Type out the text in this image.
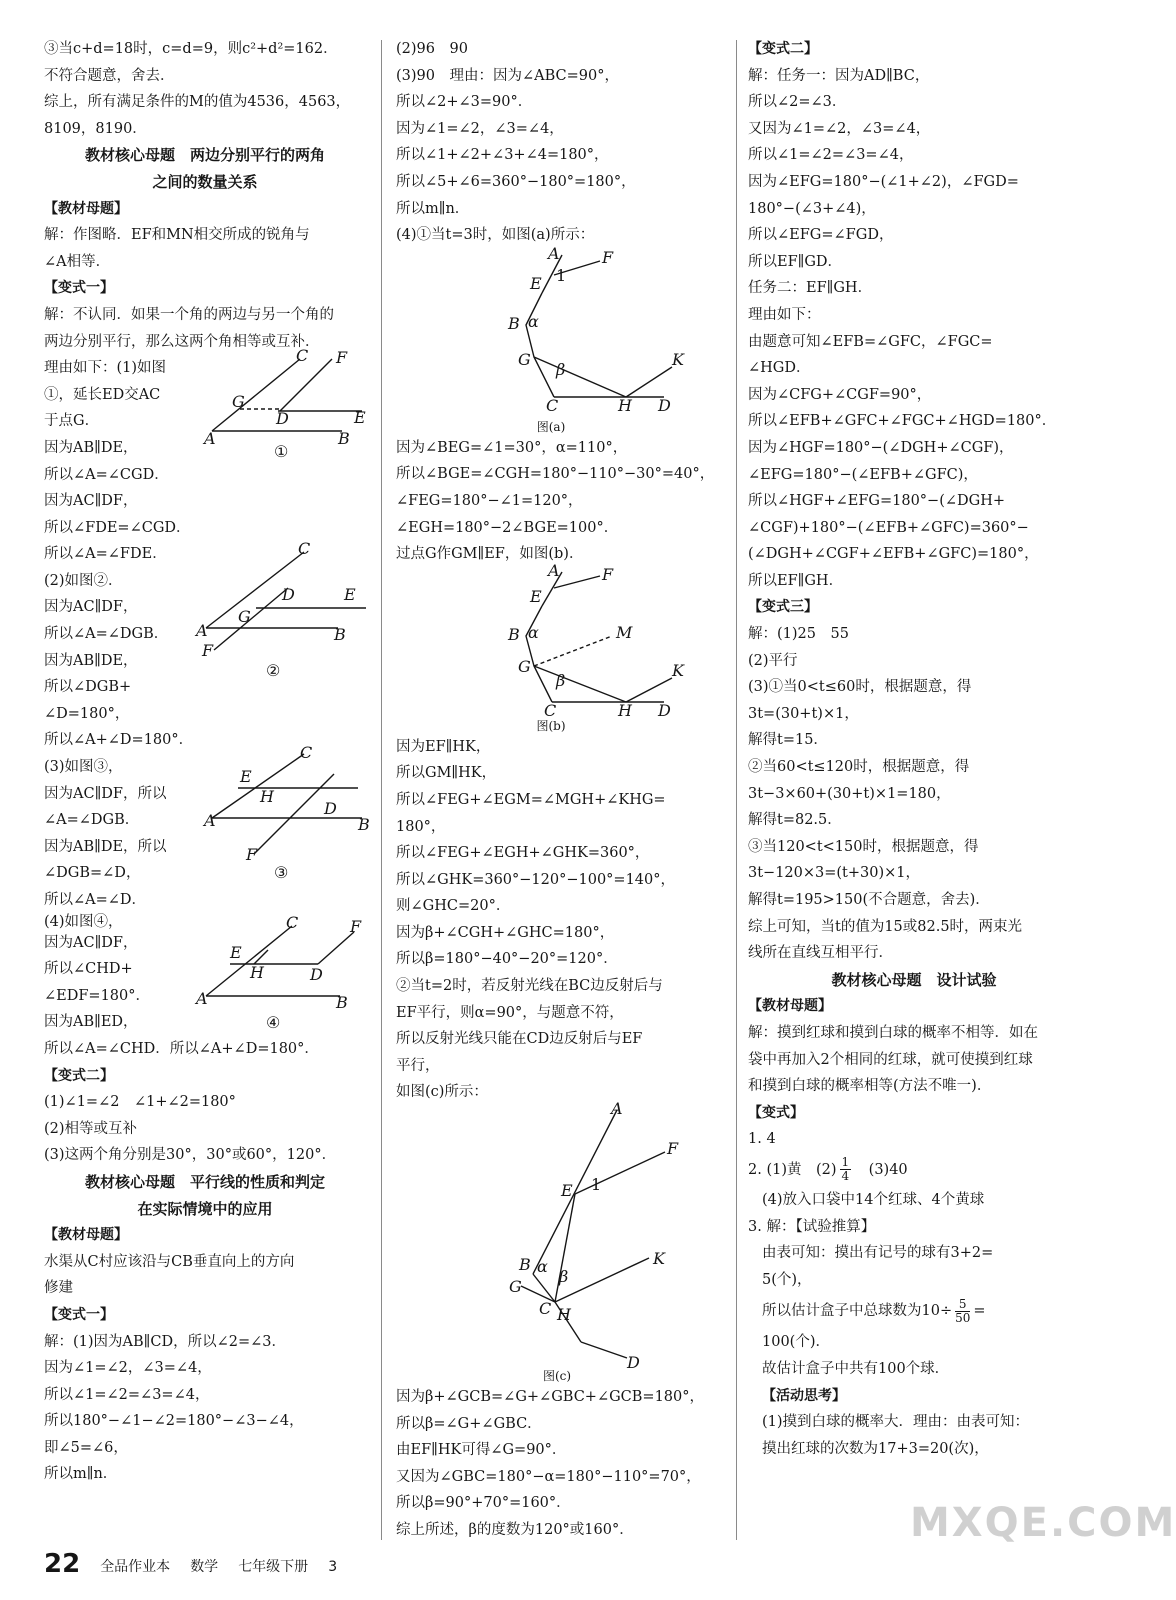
③当c+d=18时，c=d=9，则c²+d²=162．
不符合题意，舍去．
综上，所有满足条件的M的值为4536，4563，
8109，8190．
教材核心母题　两边分别平行的两角
之间的数量关系
【教材母题】
解：作图略．EF和MN相交所成的锐角与
∠A相等．
【变式一】
解：不认同．如果一个角的两边与另一个角的
两边分别平行，那么这两个角相等或互补．
理由如下：(1)如图
①，延长ED交AC
于点G．
因为AB∥DE，
所以∠A=∠CGD．
因为AC∥DF，
所以∠FDE=∠CGD．
所以∠A=∠FDE．
A	B
C F
G
D	E
①
(2)如图②．
因为AC∥DF，
所以∠A=∠DGB．
因为AB∥DE，
所以∠DGB+
∠D=180°，
所以∠A+∠D=180°．
A	B
C
D	E
G
F
②
(3)如图③，
因为AC∥DF，所以
∠A=∠DGB．
因为AB∥DE，所以
∠DGB=∠D，
所以∠A=∠D．
A	B
C
E
H
D
F
③
(4)如图④，
因为AC∥DF，
所以∠CHD+
∠EDF=180°．
因为AB∥ED，
A	B
C	F
E
H	D
④
所以∠A=∠CHD．所以∠A+∠D=180°．
【变式二】
(1)∠1=∠2　∠1+∠2=180°
(2)相等或互补
(3)这两个角分别是30°，30°或60°，120°．
教材核心母题　平行线的性质和判定
在实际情境中的应用
【教材母题】
水渠从C村应该沿与CB垂直向上的方向
修建
【变式一】
解：(1)因为AB∥CD，所以∠2=∠3．
因为∠1=∠2，∠3=∠4，
所以∠1=∠2=∠3=∠4，
所以180°−∠1−∠2=180°−∠3−∠4，
即∠5=∠6，
所以m∥n．
(2)96　90
(3)90　理由：因为∠ABC=90°，
所以∠2+∠3=90°．
因为∠1=∠2，∠3=∠4，
所以∠1+∠2+∠3+∠4=180°，
所以∠5+∠6=360°−180°=180°，
所以m∥n．
(4)①当t=3时，如图(a)所示：
A	F
E 1
B α
G
β
C	H D
K
图(a)
因为∠BEG=∠1=30°，α=110°，
所以∠BGE=∠CGH=180°−110°−30°=40°，
∠FEG=180°−∠1=120°，
∠EGH=180°−2∠BGE=100°．
过点G作GM∥EF，如图(b)．
A	F
E
B α	M
G
β
C	H D
K
图(b)
因为EF∥HK，
所以GM∥HK，
所以∠FEG+∠EGM=∠MGH+∠KHG=
180°，
所以∠FEG+∠EGH+∠GHK=360°，
所以∠GHK=360°−120°−100°=140°，
则∠GHC=20°．
因为β+∠CGH+∠GHC=180°，
所以β=180°−40°−20°=120°．
②当t=2时，若反射光线在BC边反射后与
EF平行，则α=90°，与题意不符，
所以反射光线只能在CD边反射后与EF
平行，
如图(c)所示：
A
F
E 1
B α
G
β
C H
K
D
图(c)
因为β+∠GCB=∠G+∠GBC+∠GCB=180°，
所以β=∠G+∠GBC．
由EF∥HK可得∠G=90°．
又因为∠GBC=180°−α=180°−110°=70°，
所以β=90°+70°=160°．
综上所述，β的度数为120°或160°．
【变式二】
解：任务一：因为AD∥BC，
所以∠2=∠3．
又因为∠1=∠2，∠3=∠4，
所以∠1=∠2=∠3=∠4，
因为∠EFG=180°−(∠1+∠2)，∠FGD=
180°−(∠3+∠4)，
所以∠EFG=∠FGD，
所以EF∥GD．
任务二：EF∥GH．
理由如下：
由题意可知∠EFB=∠GFC，∠FGC=
∠HGD．
因为∠CFG+∠CGF=90°，
所以∠EFB+∠GFC+∠FGC+∠HGD=180°．
因为∠HGF=180°−(∠DGH+∠CGF)，
∠EFG=180°−(∠EFB+∠GFC)，
所以∠HGF+∠EFG=180°−(∠DGH+
∠CGF)+180°−(∠EFB+∠GFC)=360°−
(∠DGH+∠CGF+∠EFB+∠GFC)=180°，
所以EF∥GH．
【变式三】
解：(1)25　55
(2)平行
(3)①当0<t≤60时，根据题意，得
3t=(30+t)×1，
解得t=15．
②当60<t≤120时，根据题意，得
3t−3×60+(30+t)×1=180，
解得t=82.5．
③当120<t<150时，根据题意，得
3t−120×3=(t+30)×1，
解得t=195>150(不合题意，舍去)．
综上可知，当t的值为15或82.5时，两束光
线所在直线互相平行．
教材核心母题　设计试验
【教材母题】
解：摸到红球和摸到白球的概率不相等．如在
袋中再加入2个相同的红球，就可使摸到红球
和摸到白球的概率相等(方法不唯一)．
【变式】
1. 4
2. (1)黄　$(2) \frac{1}{4}$ 　(3)40
(4)放入口袋中14个红球、4个黄球
3. 解：【试验推算】
由表可知：摸出有记号的球有3+2=
5(个)，
所以估计盒子中总球数为$10\div \frac{5}{50}$ =
100(个)．
故估计盒子中共有100个球．
【活动思考】
(1)摸到白球的概率大．理由：由表可知：
摸出红球的次数为17+3=20(次)，
22 全品作业本 数学 七年级下册 3
MXQE.COM
